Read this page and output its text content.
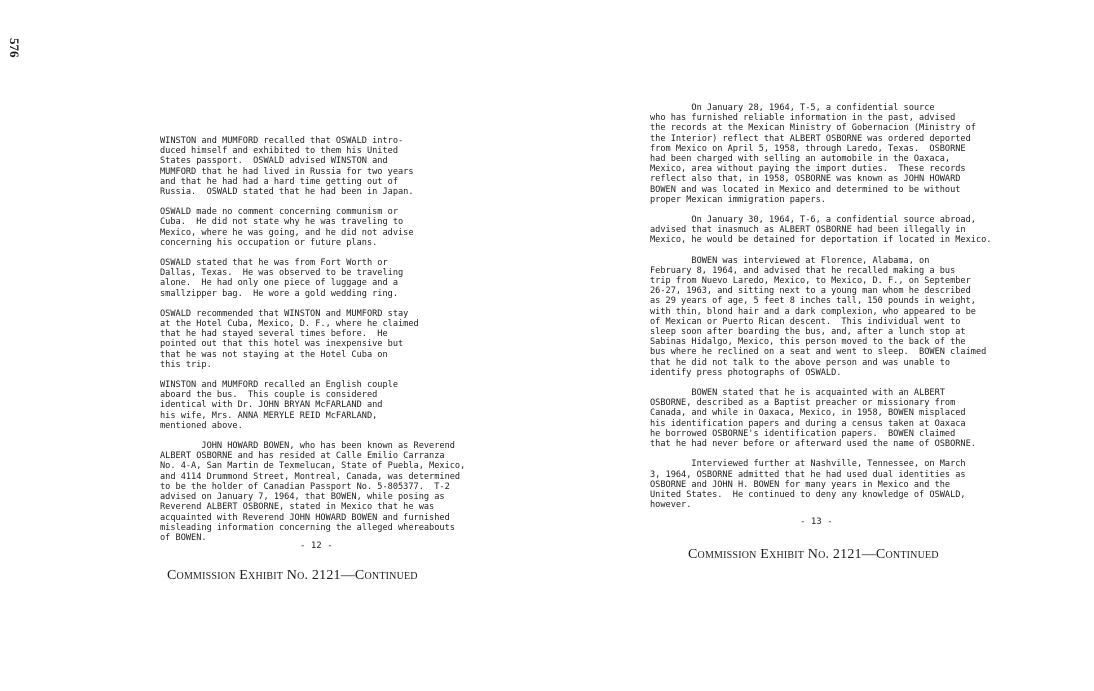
576

WINSTON and MUMFORD recalled that OSWALD intro-
duced himself and exhibited to them his United
States passport.  OSWALD advised WINSTON and
MUMFORD that he had lived in Russia for two years
and that he had had a hard time getting out of
Russia.  OSWALD stated that he had been in Japan.

OSWALD made no comment concerning communism or
Cuba.  He did not state why he was traveling to
Mexico, where he was going, and he did not advise
concerning his occupation or future plans.

OSWALD stated that he was from Fort Worth or
Dallas, Texas.  He was observed to be traveling
alone.  He had only one piece of luggage and a
smallzipper bag.  He wore a gold wedding ring.

OSWALD recommended that WINSTON and MUMFORD stay
at the Hotel Cuba, Mexico, D. F., where he claimed
that he had stayed several times before.  He
pointed out that this hotel was inexpensive but
that he was not staying at the Hotel Cuba on
this trip.

WINSTON and MUMFORD recalled an English couple
aboard the bus.  This couple is considered
identical with Dr. JOHN BRYAN McFARLAND and
his wife, Mrs. ANNA MERYLE REID McFARLAND,
mentioned above.

JOHN HOWARD BOWEN, who has been known as Reverend
ALBERT OSBORNE and has resided at Calle Emilio Carranza
No. 4-A, San Martin de Texmelucan, State of Puebla, Mexico,
and 4114 Drummond Street, Montreal, Canada, was determined
to be the holder of Canadian Passport No. 5-805377.  T-2
advised on January 7, 1964, that BOWEN, while posing as
Reverend ALBERT OSBORNE, stated in Mexico that he was
acquainted with Reverend JOHN HOWARD BOWEN and furnished
misleading information concerning the alleged whereabouts
of BOWEN.

- 12 -
Commission Exhibit No. 2121—Continued

On January 28, 1964, T-5, a confidential source
who has furnished reliable information in the past, advised
the records at the Mexican Ministry of Gobernacion (Ministry of
the Interior) reflect that ALBERT OSBORNE was ordered deported
from Mexico on April 5, 1958, through Laredo, Texas.  OSBORNE
had been charged with selling an automobile in the Oaxaca,
Mexico, area without paying the import duties.  These records
reflect also that, in 1958, OSBORNE was known as JOHN HOWARD
BOWEN and was located in Mexico and determined to be without
proper Mexican immigration papers.

On January 30, 1964, T-6, a confidential source abroad,
advised that inasmuch as ALBERT OSBORNE had been illegally in
Mexico, he would be detained for deportation if located in Mexico.

BOWEN was interviewed at Florence, Alabama, on
February 8, 1964, and advised that he recalled making a bus
trip from Nuevo Laredo, Mexico, to Mexico, D. F., on September
26-27, 1963, and sitting next to a young man whom he described
as 29 years of age, 5 feet 8 inches tall, 150 pounds in weight,
with thin, blond hair and a dark complexion, who appeared to be
of Mexican or Puerto Rican descent.  This individual went to
sleep soon after boarding the bus, and, after a lunch stop at
Sabinas Hidalgo, Mexico, this person moved to the back of the
bus where he reclined on a seat and went to sleep.  BOWEN claimed
that he did not talk to the above person and was unable to
identify press photographs of OSWALD.

BOWEN stated that he is acquainted with an ALBERT
OSBORNE, described as a Baptist preacher or missionary from
Canada, and while in Oaxaca, Mexico, in 1958, BOWEN misplaced
his identification papers and during a census taken at Oaxaca
he borrowed OSBORNE's identification papers.  BOWEN claimed
that he had never before or afterward used the name of OSBORNE.

Interviewed further at Nashville, Tennessee, on March
3, 1964, OSBORNE admitted that he had used dual identities as
OSBORNE and JOHN H. BOWEN for many years in Mexico and the
United States.  He continued to deny any knowledge of OSWALD,
however.

- 13 -
Commission Exhibit No. 2121—Continued
